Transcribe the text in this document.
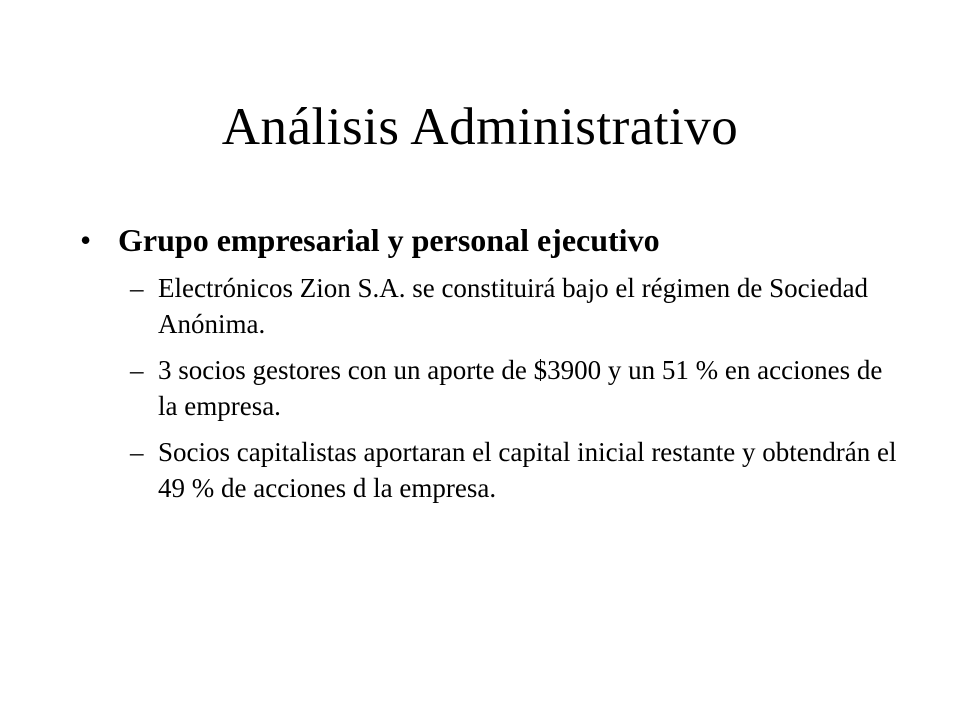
Análisis Administrativo
• Grupo empresarial y personal ejecutivo
– Electrónicos Zion S.A. se constituirá bajo el régimen de Sociedad Anónima.
– 3 socios gestores con un aporte de $3900 y un 51 % en acciones de la empresa.
– Socios capitalistas aportaran el capital inicial restante y obtendrán el 49 % de acciones d la empresa.
